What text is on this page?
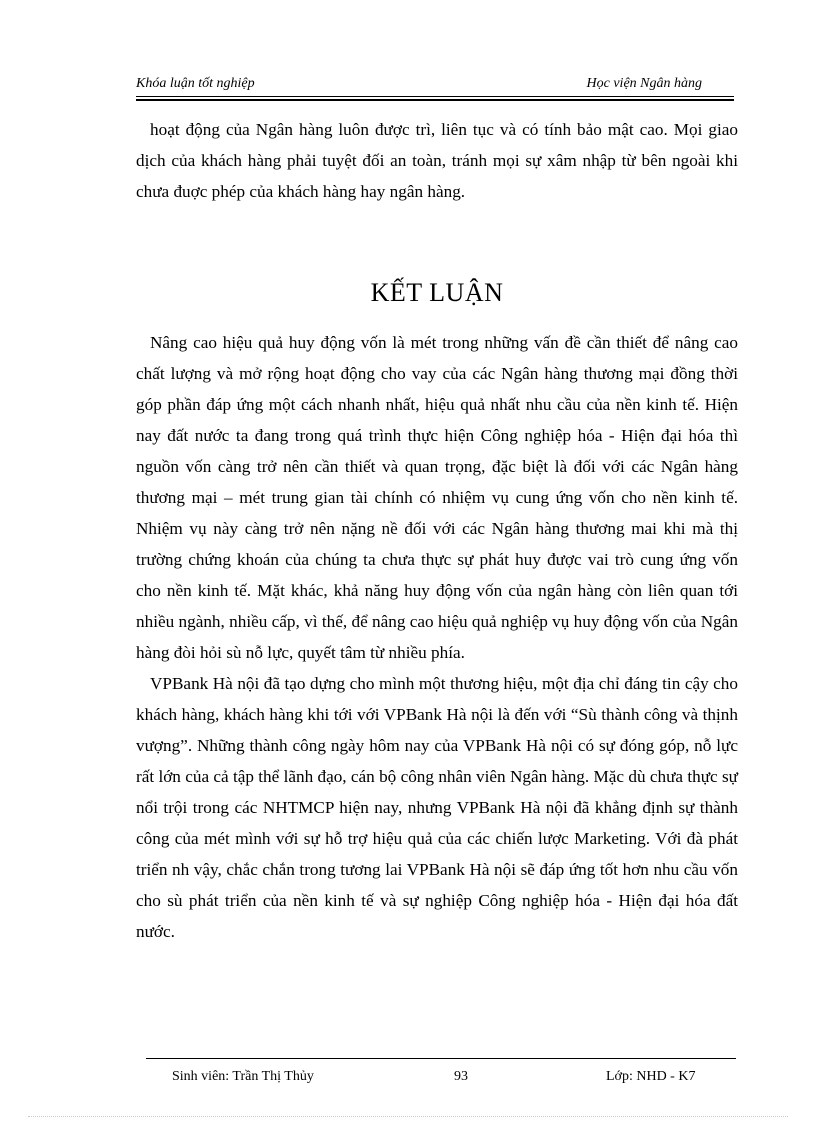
Khóa luận tốt nghiệp	Học viện Ngân hàng

hoạt động của Ngân hàng luôn được trì, liên tục và có tính bảo mật cao. Mọi giao dịch của khách hàng phải tuyệt đối an toàn, tránh mọi sự xâm nhập từ bên ngoài khi chưa đuợc phép của khách hàng hay ngân hàng.

KẾT LUẬN

Nâng cao hiệu quả huy động vốn là mét trong những vấn đề cần thiết để nâng cao chất lượng và mở rộng hoạt động cho vay của các Ngân hàng thương mại đồng thời góp phần đáp ứng một cách nhanh nhất, hiệu quả nhất nhu cầu của nền kinh tế. Hiện nay đất nước ta đang trong quá trình thực hiện Công nghiệp hóa - Hiện đại hóa thì nguồn vốn càng trở nên cần thiết và quan trọng, đặc biệt là đối với các Ngân hàng thương mại – mét trung gian tài chính có nhiệm vụ cung ứng vốn cho nền kinh tế. Nhiệm vụ này càng trở nên nặng nề đối với các Ngân hàng thương mai khi mà thị trường chứng khoán của chúng ta chưa thực sự phát huy được vai trò cung ứng vốn cho nền kinh tế. Mặt khác, khả năng huy động vốn của ngân hàng còn liên quan tới nhiều ngành, nhiều cấp, vì thế, để nâng cao hiệu quả nghiệp vụ huy động vốn của Ngân hàng đòi hỏi sù nỗ lực, quyết tâm từ nhiều phía.

VPBank Hà nội đã tạo dựng cho mình một thương hiệu, một địa chỉ đáng tin cậy cho khách hàng, khách hàng khi tới với VPBank Hà nội là đến với “Sù thành công và thịnh vượng”. Những thành công ngày hôm nay của VPBank Hà nội có sự đóng góp, nỗ lực rất lớn của cả tập thể lãnh đạo, cán bộ công nhân viên Ngân hàng. Mặc dù chưa thực sự nổi trội trong các NHTMCP hiện nay, nhưng VPBank Hà nội đã khẳng định sự thành công của mét mình với sự hỗ trợ hiệu quả của các chiến lược Marketing. Với đà phát triển nh vậy, chắc chắn trong tương lai VPBank Hà nội sẽ đáp ứng tốt hơn nhu cầu vốn cho sù phát triển của nền kinh tế và sự nghiệp Công nghiệp hóa - Hiện đại hóa đất nước.

Sinh viên: Trần Thị Thủy	93	Lớp: NHD - K7
